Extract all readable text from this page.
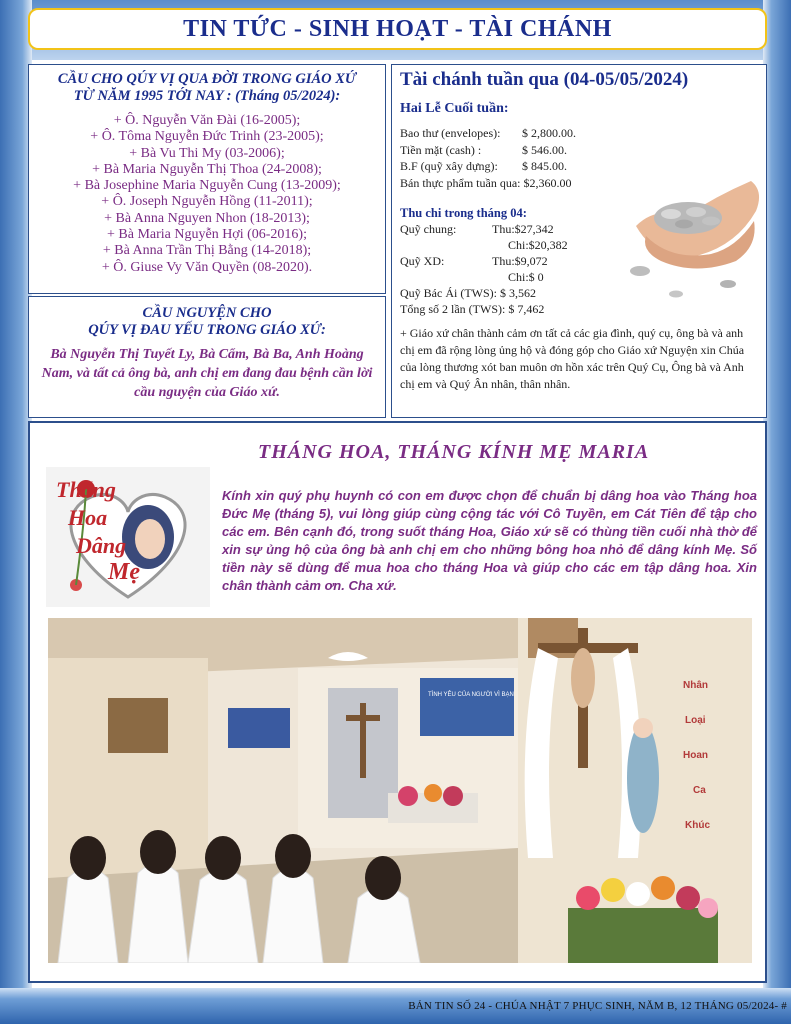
TIN TỨC - SINH HOẠT - TÀI CHÁNH
CẦU CHO QÚY VỊ QUA ĐỜI TRONG GIÁO XỨ
TỪ NĂM 1995 TỚI NAY : (Tháng 05/2024):
+ Ô. Nguyễn Văn Đài (16-2005);
+ Ô. Tôma Nguyễn Đức Trinh (23-2005);
+ Bà Vu Thi My (03-2006);
+ Bà Maria Nguyễn Thị Thoa (24-2008);
+ Bà Josephine Maria Nguyễn Cung (13-2009);
+ Ô. Joseph Nguyễn Hồng (11-2011);
+ Bà Anna Nguyen Nhon (18-2013);
+ Bà Maria Nguyễn Hợi (06-2016);
+ Bà Anna Trần Thị Bằng (14-2018);
+ Ô. Giuse Vy Văn Quyền (08-2020).
CẦU NGUYỆN CHO
QÚY VỊ ĐAU YẾU TRONG GIÁO XỨ:
Bà Nguyễn Thị Tuyết Ly, Bà Cẩm, Bà Ba, Anh Hoàng Nam, và tất cả ông bà, anh chị em đang đau bệnh cần lời cầu nguyện của Giáo xứ.
Tài chánh tuần qua (04-05/05/2024)
Hai Lễ Cuối tuần:
Bao thư (envelopes):	$ 2,800.00.
Tiền mặt (cash) :	$ 546.00.
B.F (quỹ xây dựng):	$ 845.00.
Bán thực phẩm tuần qua: $2,360.00
Thu chi trong tháng 04:
Quỹ chung:	Thu:$27,342
Chi:$20,382
Quỹ XD:	Thu:$9,072
Chi:$ 0
Quỹ Bác Ái (TWS): $ 3,562
Tổng số 2 lần (TWS): $ 7,462
+ Giáo xứ chân thành cảm ơn tất cả các gia đình, quý cụ, ông bà và anh chị em đã rộng lòng ủng hộ và đóng góp cho Giáo xứ Nguyện xin Chúa của lòng thương xót ban muôn ơn hồn xác trên Quý Cụ, Ông bà và Anh chị em và Quý Ân nhân, thân nhân.
THÁNG HOA, THÁNG KÍNH MẸ MARIA
Tháng
Hoa
Dâng
Mẹ
Kính xin quý phụ huynh có con em được chọn để chuẩn bị dâng hoa vào Tháng hoa Đức Mẹ (tháng 5), vui lòng giúp cùng cộng tác với Cô Tuyền, em Cát Tiên để tập cho các em. Bên cạnh đó, trong suốt tháng Hoa, Giáo xứ sẽ có thùng tiền cuối nhà thờ để xin sự ủng hộ của ông bà anh chị em cho những bông hoa nhỏ để dâng kính Mẹ. Số tiền này sẽ dùng để mua hoa cho tháng Hoa và giúp cho các em tập dâng hoa. Xin chân thành cảm ơn. Cha xứ.
TÌNH YÊU CỦA NGƯỜI VÌ BẠN
Nhân
Loại
Hoan
Ca
Khúc
BẢN TIN SỐ 24 - CHÚA NHẬT 7 PHỤC SINH, NĂM B, 12 THÁNG 05/2024- #
